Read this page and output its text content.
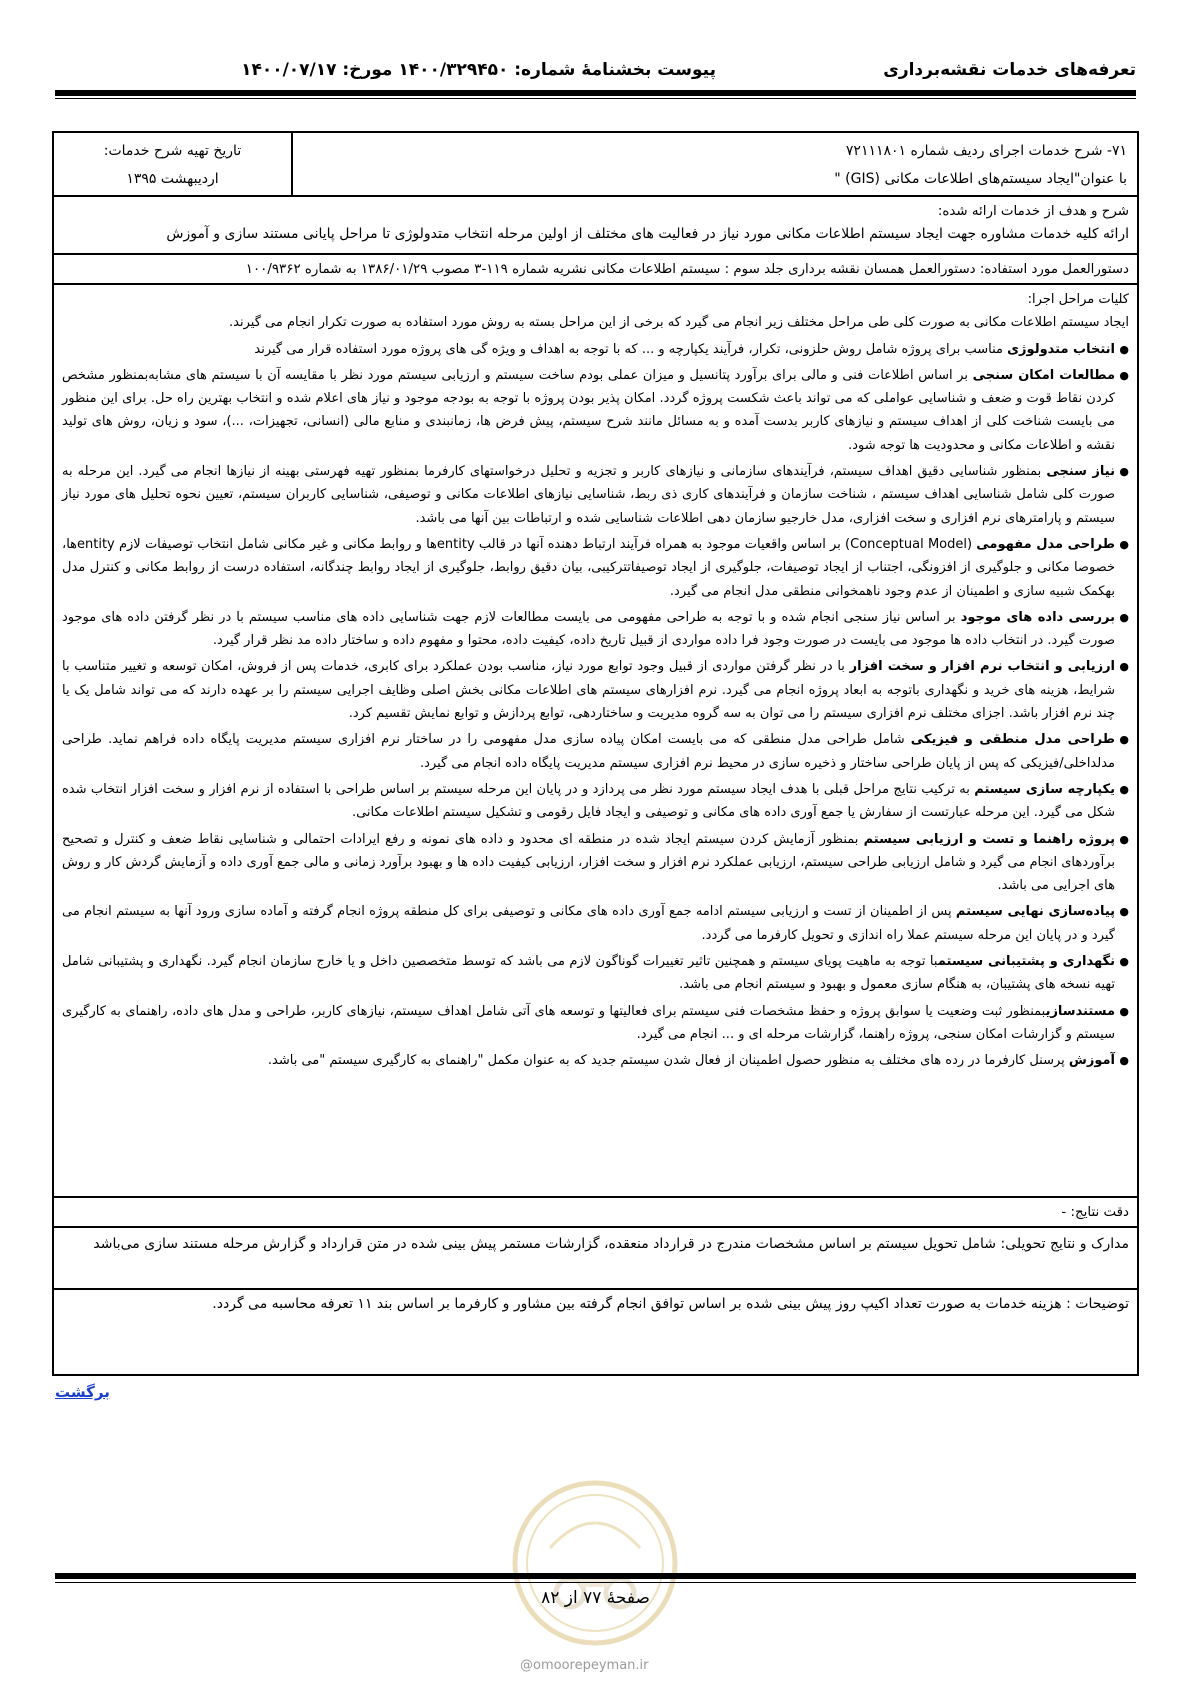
تعرفه‌های خدمات نقشه‌برداری
پیوست بخشنامۀ شماره: ۱۴۰۰/۳۲۹۴۵۰ مورخ: ۱۴۰۰/۰۷/۱۷
۷۱- شرح خدمات اجرای ردیف شماره ۷۲۱۱۱۸۰۱
با عنوان"ایجاد سیستم‌های اطلاعات مکانی (GIS) "
تاریخ تهیه شرح خدمات:
اردیبهشت ۱۳۹۵
شرح و هدف از خدمات ارائه شده:
ارائه کلیه خدمات مشاوره جهت ایجاد سیستم اطلاعات مکانی مورد نیاز در فعالیت های مختلف از اولین مرحله انتخاب متدولوژی تا مراحل پایانی مستند سازی و آموزش
دستورالعمل مورد استفاده: دستورالعمل همسان نقشه برداری جلد سوم : سیستم اطلاعات مکانی نشریه شماره ۱۱۹-۳ مصوب ۱۳۸۶/۰۱/۲۹ به شماره ۱۰۰/۹۳۶۲
کلیات مراحل اجرا:
ایجاد سیستم اطلاعات مکانی به صورت کلی طی مراحل مختلف زیر انجام می گیرد که برخی از این مراحل بسته به روش مورد استفاده به صورت تکرار انجام می گیرند.
● انتخاب متدولوژی مناسب برای پروژه شامل روش حلزونی، تکرار، فرآیند یکپارچه و ... که با توجه به اهداف و ویژه گی های پروژه مورد استفاده قرار می گیرند
● مطالعات امکان سنجی بر اساس اطلاعات فنی و مالی برای برآورد پتانسیل و میزان عملی بودم ساخت سیستم و ارزیابی سیستم مورد نظر با مقایسه آن با سیستم های مشابه‌بمنظور مشخص کردن نقاط قوت و ضعف و شناسایی عواملی که می تواند باعث شکست پروژه گردد. امکان پذیر بودن پروژه با توجه به بودجه موجود و نیاز های اعلام شده و انتخاب بهترین راه حل. برای این منظور می بایست شناخت کلی از اهداف سیستم و نیازهای کاربر بدست آمده و به مسائل مانند شرح سیستم، پیش فرض ها، زمانبندی و منابع مالی (انسانی، تجهیزات، ...)، سود و زیان، روش های تولید نقشه و اطلاعات مکانی و محدودیت ها توجه شود.
● نیاز سنجی بمنظور شناسایی دقیق اهداف سیستم، فرآیندهای سازمانی و نیازهای کاربر و تجزیه و تحلیل درخواستهای کارفرما بمنظور تهیه فهرستی بهینه از نیازها انجام می گیرد. این مرحله به صورت کلی شامل شناسایی اهداف سیستم ، شناخت سازمان و فرآیندهای کاری ذی ربط، شناسایی نیازهای اطلاعات مکانی و توصیفی، شناسایی کاربران سیستم، تعیین نحوه تحلیل های مورد نیاز سیستم و پارامترهای نرم افزاری و سخت افزاری، مدل خارجیو سازمان دهی اطلاعات شناسایی شده و ارتباطات بین آنها می باشد.
● طراحی مدل مفهومی (Conceptual Model) بر اساس واقعیات موجود به همراه فرآیند ارتباط دهنده آنها در قالب entityها و روابط مکانی و غیر مکانی شامل انتخاب توصیفات لازم entityها، خصوصا مکانی و جلوگیری از افزونگی، اجتناب از ایجاد توصیفات، جلوگیری از ایجاد توصیفاتترکیبی، بیان دقیق روابط، جلوگیری از ایجاد روابط چندگانه، استفاده درست از روابط مکانی و کنترل مدل بهکمک شبیه سازی و اطمینان از عدم وجود ناهمخوانی منطقی مدل انجام می گیرد.
● بررسی داده های موجود بر اساس نیاز سنجی انجام شده و با توجه به طراحی مفهومی می بایست مطالعات لازم جهت شناسایی داده های مناسب سیستم با در نظر گرفتن داده های موجود صورت گیرد. در انتخاب داده ها موجود می بایست در صورت وجود فرا داده مواردی از قبیل تاریخ داده، کیفیت داده، محتوا و مفهوم داده و ساختار داده مد نظر قرار گیرد.
● ارزیابی و انتخاب نرم افزار و سخت افزار با در نظر گرفتن مواردی از قبیل وجود توابع مورد نیاز، مناسب بودن عملکرد برای کابری، خدمات پس از فروش، امکان توسعه و تغییر متناسب با شرایط، هزینه های خرید و نگهداری باتوجه به ابعاد پروژه انجام می گیرد. نرم افزارهای سیستم های اطلاعات مکانی بخش اصلی وظایف اجرایی سیستم را بر عهده دارند که می تواند شامل یک یا چند نرم افزار باشد. اجزای مختلف نرم افزاری سیستم را می توان به سه گروه مدیریت و ساختاردهی، توابع پردازش و توابع نمایش تقسیم کرد.
● طراحی مدل منطقی و فیزیکی شامل طراحی مدل منطقی که می بایست امکان پیاده سازی مدل مفهومی را در ساختار نرم افزاری سیستم مدیریت پایگاه داده فراهم نماید. طراحی مدلداخلی/فیزیکی که پس از پایان طراحی ساختار و ذخیره سازی در محیط نرم افزاری سیستم مدیریت پایگاه داده انجام می گیرد.
● یکپارچه سازی سیستم به ترکیب نتایج مراحل قبلی با هدف ایجاد سیستم مورد نظر می پردازد و در پایان این مرحله سیستم بر اساس طراحی با استفاده از نرم افزار و سخت افزار انتخاب شده شکل می گیرد. این مرحله عبارتست از سفارش یا جمع آوری داده های مکانی و توصیفی و ایجاد فایل رقومی و تشکیل سیستم اطلاعات مکانی.
● پروژه راهنما و تست و ارزیابی سیستم بمنظور آزمایش کردن سیستم ایجاد شده در منطقه ای محدود و داده های نمونه و رفع ایرادات احتمالی و شناسایی نقاط ضعف و کنترل و تصحیح برآوردهای انجام می گیرد و شامل ارزیابی طراحی سیستم، ارزیابی عملکرد نرم افزار و سخت افزار، ارزیابی کیفیت داده ها و بهبود برآورد زمانی و مالی جمع آوری داده و آزمایش گردش کار و روش های اجرایی می باشد.
● پیاده‌سازی نهایی سیستم پس از اطمینان از تست و ارزیابی سیستم ادامه جمع آوری داده های مکانی و توصیفی برای کل منطقه پروژه انجام گرفته و آماده سازی ورود آنها به سیستم انجام می گیرد و در پایان این مرحله سیستم عملا راه اندازی و تحویل کارفرما می گردد.
● نگهداری و پشتیبانی سیستمبا توجه به ماهیت پویای سیستم و همچنین تاثیر تغییرات گوناگون لازم می باشد که توسط متخصصین داخل و یا خارج سازمان انجام گیرد. نگهداری و پشتیبانی شامل تهیه نسخه های پشتیبان، به هنگام سازی معمول و بهبود و سیستم انجام می باشد.
● مستندسازیبمنظور ثبت وضعیت یا سوابق پروژه و حفظ مشخصات فنی سیستم برای فعالیتها و توسعه های آتی شامل اهداف سیستم، نیازهای کاربر، طراحی و مدل های داده، راهنمای به کارگیری سیستم و گزارشات امکان سنجی، پروژه راهنما، گزارشات مرحله ای و ... انجام می گیرد.
● آموزش پرسنل کارفرما در رده های مختلف به منظور حصول اطمینان از فعال شدن سیستم جدید که به عنوان مکمل "راهنمای به کارگیری سیستم "می باشد.
دقت نتایج: -
مدارک و نتایج تحویلی: شامل تحویل سیستم بر اساس مشخصات مندرج در قرارداد منعقده، گزارشات مستمر پیش بینی شده در متن قرارداد و گزارش مرحله مستند سازی می‌باشد
توضیحات : هزینه خدمات به صورت تعداد اکیپ روز پیش بینی شده بر اساس توافق انجام گرفته بین مشاور و کارفرما بر اساس بند ۱۱ تعرفه محاسبه می گردد.
برگشت
صفحۀ ۷۷ از ۸۲
@omoorepeyman.ir
